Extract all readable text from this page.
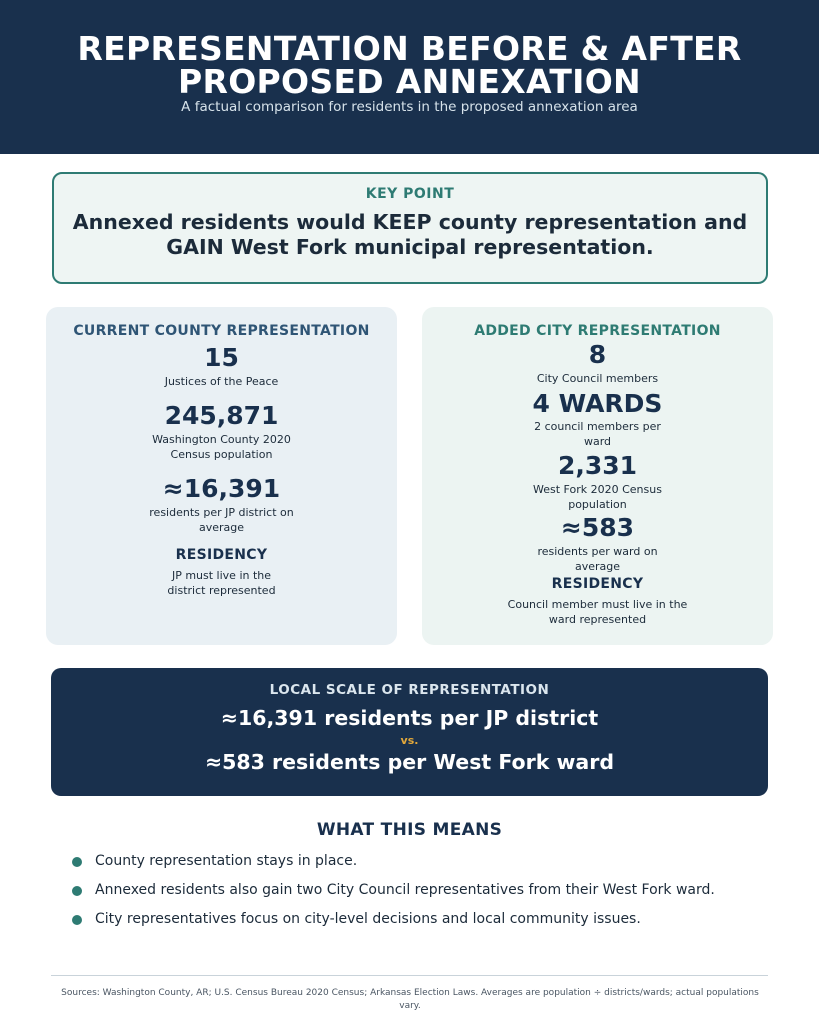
REPRESENTATION BEFORE & AFTER PROPOSED ANNEXATION
A factual comparison for residents in the proposed annexation area
KEY POINT
Annexed residents would KEEP county representation and GAIN West Fork municipal representation.
CURRENT COUNTY REPRESENTATION
15
Justices of the Peace
245,871
Washington County 2020 Census population
≈16,391
residents per JP district on average
RESIDENCY
JP must live in the district represented
ADDED CITY REPRESENTATION
8
City Council members
4 WARDS
2 council members per ward
2,331
West Fork 2020 Census population
≈583
residents per ward on average
RESIDENCY
Council member must live in the ward represented
LOCAL SCALE OF REPRESENTATION
≈16,391 residents per JP district
vs.
≈583 residents per West Fork ward
WHAT THIS MEANS
County representation stays in place.
Annexed residents also gain two City Council representatives from their West Fork ward.
City representatives focus on city-level decisions and local community issues.
Sources: Washington County, AR; U.S. Census Bureau 2020 Census; Arkansas Election Laws. Averages are population ÷ districts/wards; actual populations vary.
